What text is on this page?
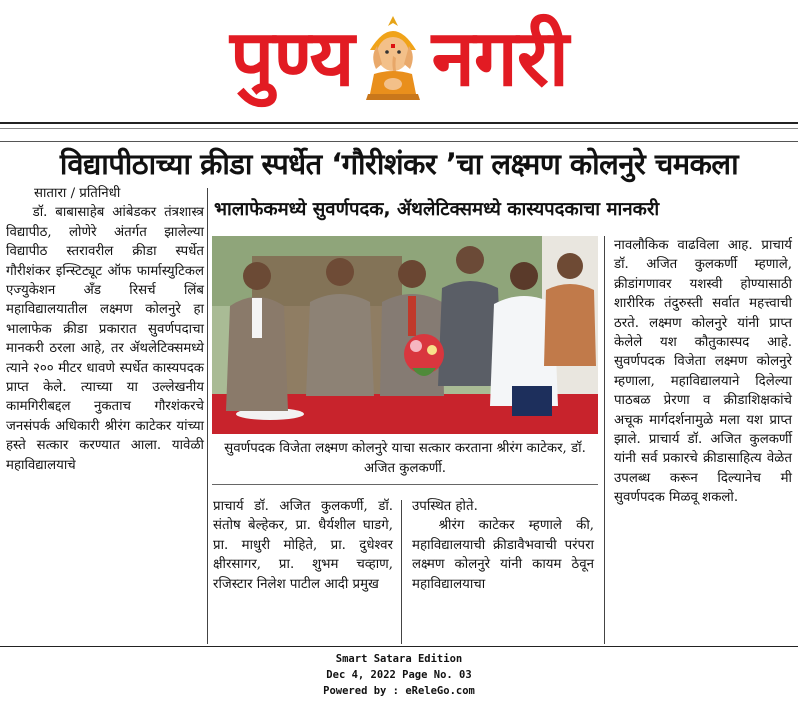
पुण्य नगरी
विद्यापीठाच्या क्रीडा स्पर्धेत ‘गौरीशंकर ’चा लक्ष्मण कोलनुरे चमकला
भालाफेकमध्ये सुवर्णपदक, ॲथलेटिक्समध्ये कास्यपदकाचा मानकरी

सातारा / प्रतिनिधी

डॉ. बाबासाहेब आंबेडकर तंत्रशास्त्र विद्यापीठ, लोणेरे अंतर्गत झालेल्या विद्यापीठ स्तरावरील क्रीडा स्पर्धेत गौरीशंकर इन्स्टिट्यूट ऑफ फार्मास्युटिकल एज्युकेशन अँड रिसर्च लिंब महाविद्यालयातील लक्ष्मण कोलनुरे हा भालाफेक क्रीडा प्रकारात सुवर्णपदाचा मानकरी ठरला आहे, तर ॲथलेटिक्समध्ये त्याने २०० मीटर धावणे स्पर्धेत कास्यपदक प्राप्त केले. त्याच्या या उल्लेखनीय कामगिरीबद्दल नुकताच गौरशंकरचे जनसंपर्क अधिकारी श्रीरंग काटेकर यांच्या हस्ते सत्कार करण्यात आला. यावेळी महाविद्यालयाचे

सुवर्णपदक विजेता लक्ष्मण कोलनुरे याचा सत्कार करताना श्रीरंग काटेकर, डॉ. अजित कुलकर्णी.

प्राचार्य डॉ. अजित कुलकर्णी, डॉ. संतोष बेल्हेकर, प्रा. धैर्यशील घाडगे, प्रा. माधुरी मोहिते, प्रा. दुधेश्वर क्षीरसागर, प्रा. शुभम चव्हाण, रजिस्टार निलेश पाटील आदी प्रमुख

उपस्थित होते.

श्रीरंग काटेकर म्हणाले की, महाविद्यालयाची क्रीडावैभवाची परंपरा लक्ष्मण कोलनुरे यांनी कायम ठेवून महाविद्यालयाचा

नावलौकिक वाढविला आह. प्राचार्य डॉ. अजित कुलकर्णी म्हणाले, क्रीडांगणावर यशस्वी होण्यासाठी शारीरिक तंदुरुस्ती सर्वात महत्त्वाची ठरते. लक्ष्मण कोलनुरे यांनी प्राप्त केलेले यश कौतुकास्पद आहे. सुवर्णपदक विजेता लक्ष्मण कोलनुरे म्हणाला, महाविद्यालयाने दिलेल्या पाठबळ प्रेरणा व क्रीडाशिक्षकांचे अचूक मार्गदर्शनामुळे मला यश प्राप्त झाले. प्राचार्य डॉ. अजित कुलकर्णी यांनी सर्व प्रकारचे क्रीडासाहित्य वेळेत उपलब्ध करून दिल्यानेच मी सुवर्णपदक मिळवू शकलो.

Smart Satara Edition
Dec 4, 2022 Page No. 03
Powered by : eReleGo.com
